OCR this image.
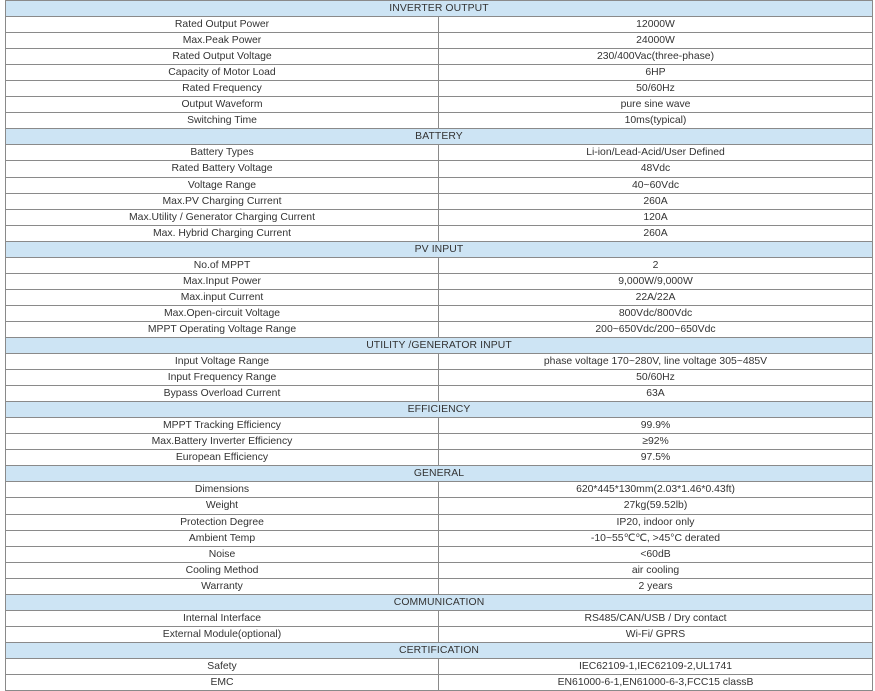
INVERTER OUTPUT	
Rated Output Power	12000W
Max.Peak Power	24000W
Rated Output Voltage	230/400Vac(three-phase)
Capacity of Motor Load	6HP
Rated Frequency	50/60Hz
Output Waveform	pure sine wave
Switching Time	10ms(typical)
BATTERY	
Battery Types	Li-ion/Lead-Acid/User Defined
Rated Battery Voltage	48Vdc
Voltage Range	40~60Vdc
Max.PV Charging Current	260A
Max.Utility / Generator Charging Current	120A
Max. Hybrid Charging Current	260A
PV INPUT	
No.of MPPT	2
Max.Input Power	9,000W/9,000W
Max.input Current	22A/22A
Max.Open-circuit Voltage	800Vdc/800Vdc
MPPT Operating Voltage Range	200~650Vdc/200~650Vdc
UTILITY /GENERATOR INPUT	
Input Voltage Range	phase voltage 170~280V, line voltage 305~485V
Input Frequency Range	50/60Hz
Bypass Overload Current	63A
EFFICIENCY	
MPPT Tracking Efficiency	99.9%
Max.Battery Inverter Efficiency	≥92%
European Efficiency	97.5%
GENERAL	
Dimensions	620*445*130mm(2.03*1.46*0.43ft)
Weight	27kg(59.52lb)
Protection Degree	IP20, indoor only
Ambient Temp	-10~55℃℃, >45°C derated
Noise	<60dB
Cooling Method	air cooling
Warranty	2 years
COMMUNICATION	
Internal Interface	RS485/CAN/USB / Dry contact
External Module(optional)	Wi-Fi/ GPRS
CERTIFICATION	
Safety	IEC62109-1,IEC62109-2,UL1741
EMC	EN61000-6-1,EN61000-6-3,FCC15 classB
